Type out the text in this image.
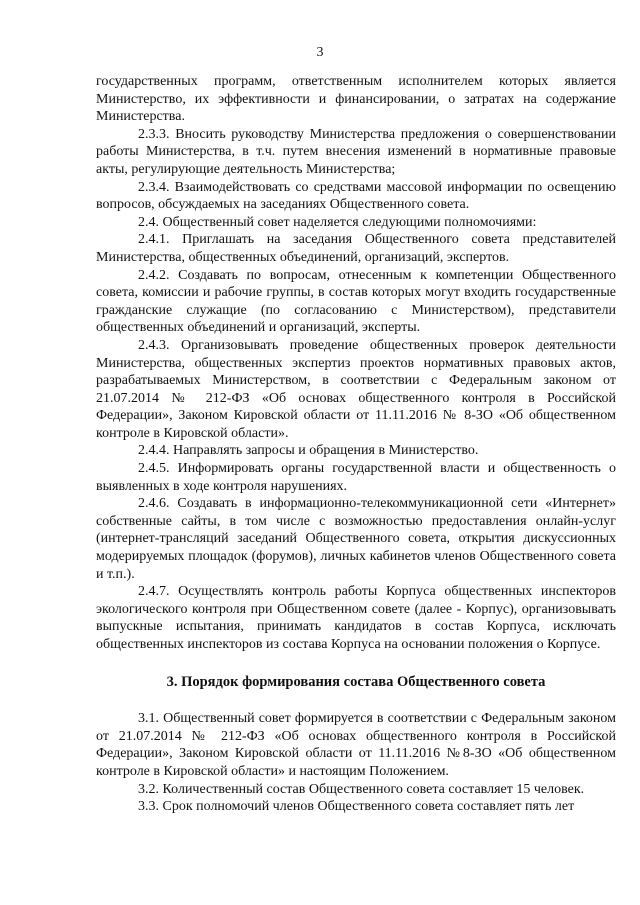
3

государственных программ, ответственным исполнителем которых является Министерство, их эффективности и финансировании, о затратах на содержание Министерства.

2.3.3. Вносить руководству Министерства предложения о совершенствовании работы Министерства, в т.ч. путем внесения изменений в нормативные правовые акты, регулирующие деятельность Министерства;

2.3.4. Взаимодействовать со средствами массовой информации по освещению вопросов, обсуждаемых на заседаниях Общественного совета.

2.4. Общественный совет наделяется следующими полномочиями:

2.4.1. Приглашать на заседания Общественного совета представителей Министерства, общественных объединений, организаций, экспертов.

2.4.2. Создавать по вопросам, отнесенным к компетенции Общественного совета, комиссии и рабочие группы, в состав которых могут входить государственные гражданские служащие (по согласованию с Министерством), представители общественных объединений и организаций, эксперты.

2.4.3. Организовывать проведение общественных проверок деятельности Министерства, общественных экспертиз проектов нормативных правовых актов, разрабатываемых Министерством, в соответствии с Федеральным законом от 21.07.2014 № 212-ФЗ «Об основах общественного контроля в Российской Федерации», Законом Кировской области от 11.11.2016 № 8-ЗО «Об общественном контроле в Кировской области».

2.4.4. Направлять запросы и обращения в Министерство.

2.4.5. Информировать органы государственной власти и общественность о выявленных в ходе контроля нарушениях.

2.4.6. Создавать в информационно-телекоммуникационной сети «Интернет» собственные сайты, в том числе с возможностью предоставления онлайн-услуг (интернет-трансляций заседаний Общественного совета, открытия дискуссионных модерируемых площадок (форумов), личных кабинетов членов Общественного совета и т.п.).

2.4.7. Осуществлять контроль работы Корпуса общественных инспекторов экологического контроля при Общественном совете (далее - Корпус), организовывать выпускные испытания, принимать кандидатов в состав Корпуса, исключать общественных инспекторов из состава Корпуса на основании положения о Корпусе.

3. Порядок формирования состава Общественного совета

3.1. Общественный совет формируется в соответствии с Федеральным законом от 21.07.2014 № 212-ФЗ «Об основах общественного контроля в Российской Федерации», Законом Кировской области от 11.11.2016 №8-ЗО «Об общественном контроле в Кировской области» и настоящим Положением.

3.2. Количественный состав Общественного совета составляет 15 человек.

3.3. Срок полномочий членов Общественного совета составляет пять лет
